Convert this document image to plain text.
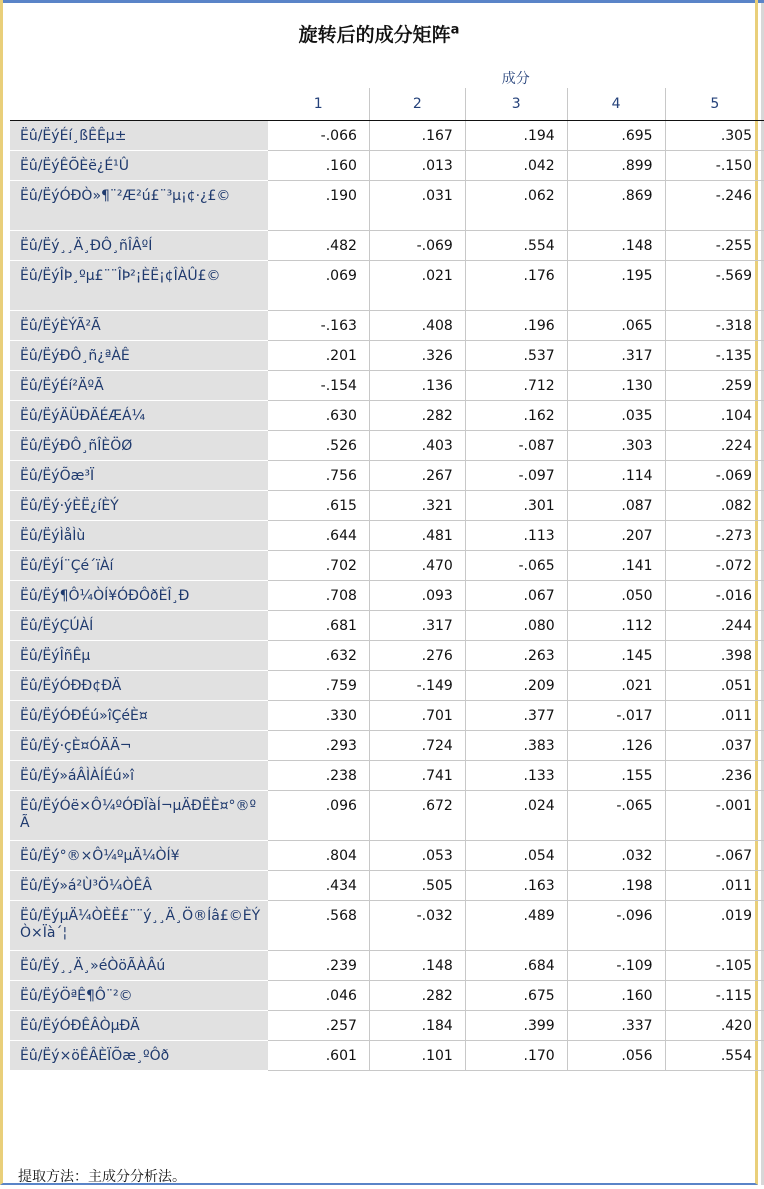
旋转后的成分矩阵$^a$
	成分				
	1	2	3	4	5
Ëû/ËýÉí¸ßÊÊµ±	-.066	.167	.194	.695	.305
Ëû/ËýÊÕÈë¿É¹Û	.160	.013	.042	.899	-.150
Ëû/ËýÓÐÒ»¶¨²Æ²ú£¨³µ¡¢·¿£©	.190	.031	.062	.869	-.246
Ëû/Ëý¸¸Ä¸ÐÔ¸ñÎÂºÍ	.482	-.069	.554	.148	-.255
Ëû/ËýÎÞ¸ºµ£¨¨ÎÞ²¡ÈË¡¢ÎÀÛ£©	.069	.021	.176	.195	-.569
Ëû/ËýÈÝÃ²Ã	-.163	.408	.196	.065	-.318
Ëû/ËýÐÔ¸ñ¿ªÀÊ	.201	.326	.537	.317	-.135
Ëû/ËýÉí²ÄºÃ	-.154	.136	.712	.130	.259
Ëû/ËýÄÜÐÄÉÆÁ¼	.630	.282	.162	.035	.104
Ëû/ËýÐÔ¸ñÎÈÖØ	.526	.403	-.087	.303	.224
Ëû/ËýÕæ³Ï	.756	.267	-.097	.114	-.069
Ëû/Ëý·ýÈË¿íÈÝ	.615	.321	.301	.087	.082
Ëû/ËýÌåÌù	.644	.481	.113	.207	-.273
Ëû/ËýÍ¨Çé´ïÀí	.702	.470	-.065	.141	-.072
Ëû/Ëý¶Ô¼ÒÍ¥ÓÐÔðÈÎ¸Ð	.708	.093	.067	.050	-.016
Ëû/ËýÇÚÀÍ	.681	.317	.080	.112	.244
Ëû/ËýÎñÊµ	.632	.276	.263	.145	.398
Ëû/ËýÓÐÐ¢ÐÄ	.759	-.149	.209	.021	.051
Ëû/ËýÓÐÉú»îÇéÈ¤	.330	.701	.377	-.017	.011
Ëû/Ëý·çÈ¤ÓÄÄ¬	.293	.724	.383	.126	.037
Ëû/Ëý»áÂÌÀÍÉú»î	.238	.741	.133	.155	.236
Ëû/ËýÓë×Ô¼ºÓÐÏàÍ¬µÄÐËÈ¤°®ºÃ	.096	.672	.024	-.065	-.001
Ëû/Ëý°®×Ô¼ºµÄ¼ÒÍ¥	.804	.053	.054	.032	-.067
Ëû/Ëý»á²Ù³Ö¼ÒÊÂ	.434	.505	.163	.198	.011
Ëû/ËýµÄ¼ÒÈË£¨¨ý¸¸Ä¸Ö®Íâ£©ÈÝÒ×Ïà´¦	.568	-.032	.489	-.096	.019
Ëû/Ëý¸¸Ä¸»éÒöÃÀÂú	.239	.148	.684	-.109	-.105
Ëû/ËýÖªÊ¶Ô¨²©	.046	.282	.675	.160	-.115
Ëû/ËýÓÐÊÂÒµÐÄ	.257	.184	.399	.337	.420
Ëû/Ëý×öÊÂÈÏÕæ¸ºÔð	.601	.101	.170	.056	.554
提取方法：主成分分析法。
